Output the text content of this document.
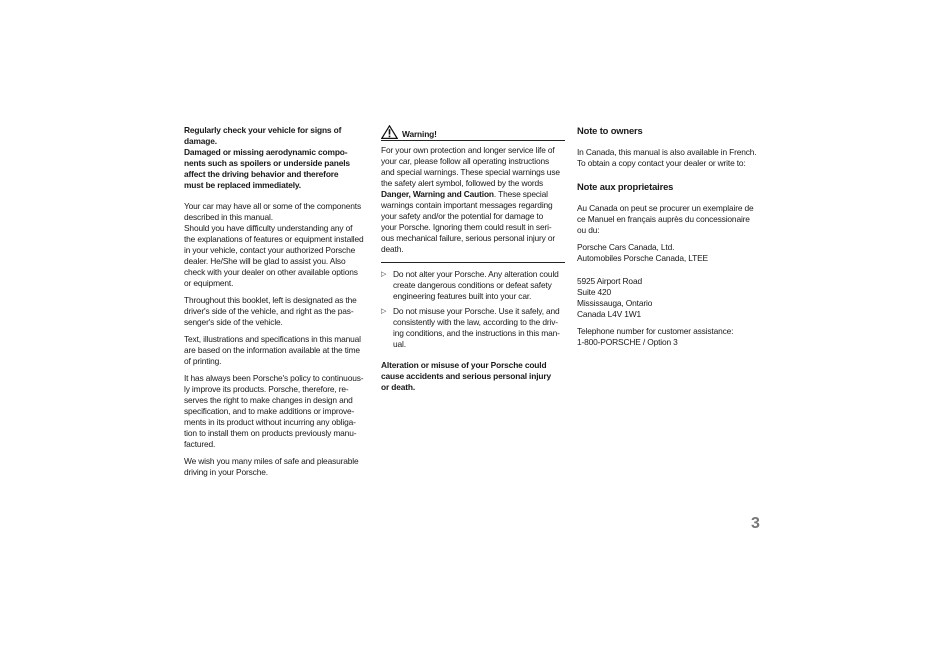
Regularly check your vehicle for signs of
damage.
Damaged or missing aerodynamic compo-
nents such as spoilers or underside panels
affect the driving behavior and therefore
must be replaced immediately.

Your car may have all or some of the components
described in this manual.
Should you have difficulty understanding any of
the explanations of features or equipment installed
in your vehicle, contact your authorized Porsche
dealer. He/She will be glad to assist you. Also
check with your dealer on other available options
or equipment.

Throughout this booklet, left is designated as the
driver's side of the vehicle, and right as the pas-
senger's side of the vehicle.

Text, illustrations and specifications in this manual
are based on the information available at the time
of printing.

It has always been Porsche's policy to continuous-
ly improve its products. Porsche, therefore, re-
serves the right to make changes in design and
specification, and to make additions or improve-
ments in its product without incurring any obliga-
tion to install them on products previously manu-
factured.

We wish you many miles of safe and pleasurable
driving in your Porsche.

Warning!

For your own protection and longer service life of
your car, please follow all operating instructions
and special warnings. These special warnings use
the safety alert symbol, followed by the words
Danger, Warning and Caution. These special
warnings contain important messages regarding
your safety and/or the potential for damage to
your Porsche. Ignoring them could result in seri-
ous mechanical failure, serious personal injury or
death.

▷ Do not alter your Porsche. Any alteration could
create dangerous conditions or defeat safety
engineering features built into your car.
▷ Do not misuse your Porsche. Use it safely, and
consistently with the law, according to the driv-
ing conditions, and the instructions in this man-
ual.

Alteration or misuse of your Porsche could
cause accidents and serious personal injury
or death.

Note to owners

In Canada, this manual is also available in French.
To obtain a copy contact your dealer or write to:

Note aux proprietaires

Au Canada on peut se procurer un exemplaire de
ce Manuel en français auprès du concessionaire
ou du:

Porsche Cars Canada, Ltd.
Automobiles Porsche Canada, LTEE

5925 Airport Road
Suite 420
Mississauga, Ontario
Canada L4V 1W1

Telephone number for customer assistance:
1-800-PORSCHE / Option 3

3
